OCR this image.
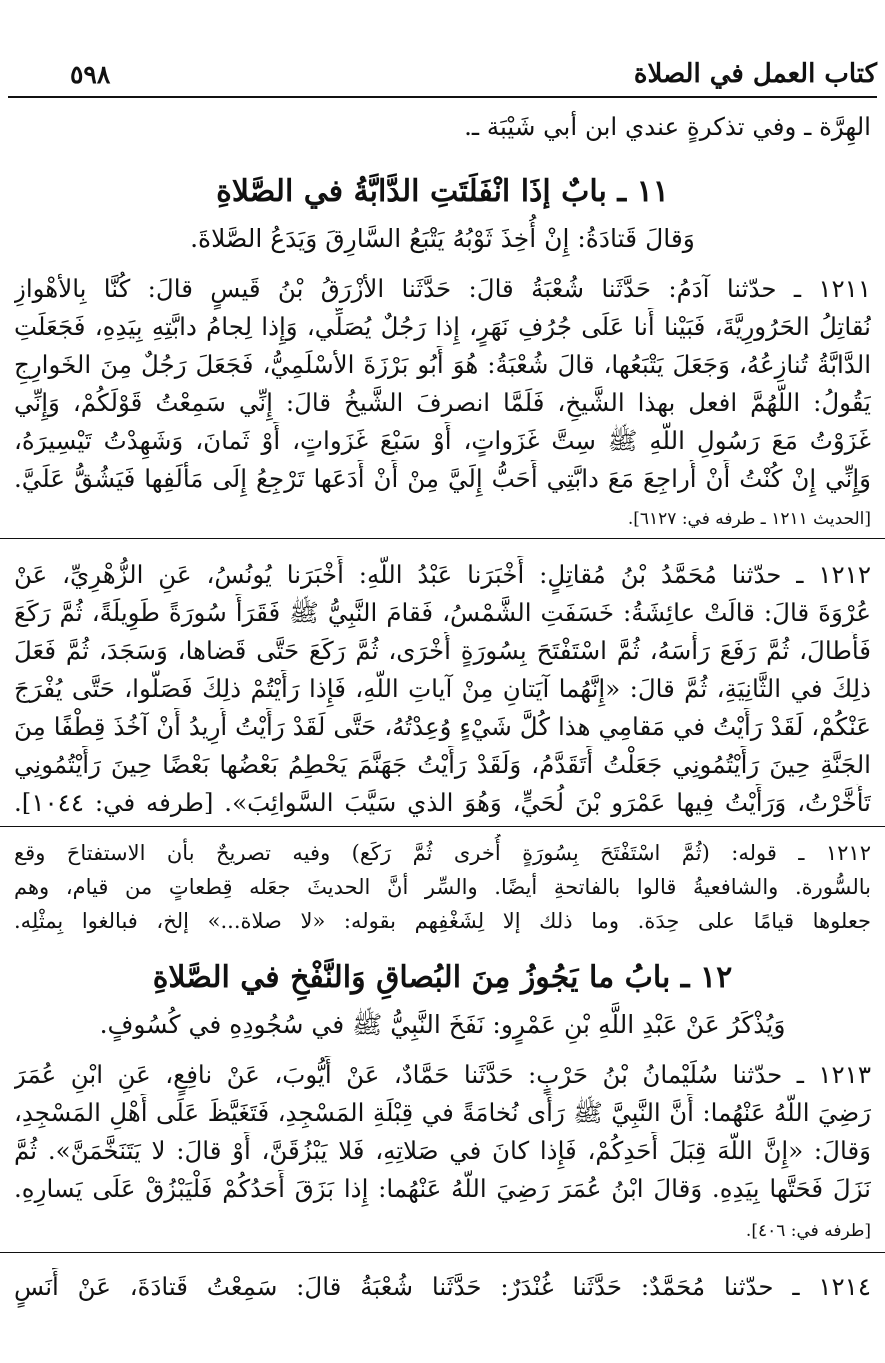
كتاب العمل في الصلاة
٥٩٨
الهِرَّة ـ وفي تذكرةٍ عندي ابن أبي شَيْبَة ـ.
١١ ـ بابٌ إذَا انْفَلَتَتِ الدَّابَّةُ في الصَّلاةِ
وَقالَ قَتادَةُ: إِنْ أُخِذَ ثَوْبُهُ يَتْبَعُ السَّارِقَ وَيَدَعُ الصَّلاةَ.
١٢١١ ـ حدّثنا آدَمُ: حَدَّثَنا شُعْبَةُ قالَ: حَدَّثَنا الأزْرَقُ بْنُ قَيسٍ قالَ: كُنَّا بِالأهْوازِ
نُقاتِلُ الحَرُورِيَّةَ، فَبَيْنا أَنا عَلَى جُرُفِ نَهَرٍ، إِذا رَجُلٌ يُصَلِّي، وَإِذا لِجامُ دابَّتِهِ بِيَدِهِ، فَجَعَلَتِ
الدَّابَّةُ تُنازِعُهُ، وَجَعَلَ يَتْبَعُها، قالَ شُعْبَةُ: هُوَ أَبُو بَرْزَةَ الأسْلَمِيُّ، فَجَعَلَ رَجُلٌ مِنَ الخَوارِجِ
يَقُولُ: اللَّهُمَّ افعل بهذا الشَّيخِ، فَلَمَّا انصرفَ الشَّيخُ قالَ: إِنِّي سَمِعْتُ قَوْلَكُمْ، وَإِنِّي
غَزَوْتُ مَعَ رَسُولِ اللَّهِ ﷺ سِتَّ غَزَواتٍ، أَوْ سَبْعَ غَزَواتٍ، أَوْ ثَمانَ، وَشَهِدْتُ تَيْسِيرَهُ،
وَإِنِّي إِنْ كُنْتُ أَنْ أُراجِعَ مَعَ دابَّتِي أَحَبُّ إِلَيَّ مِنْ أَنْ أَدَعَها تَرْجِعُ إِلَى مَأْلَفِها فَيَشُقُّ عَلَيَّ.
[الحديث ١٢١١ ـ طرفه في: ٦١٢٧].
١٢١٢ ـ حدّثنا مُحَمَّدُ بْنُ مُقاتِلٍ: أَخْبَرَنا عَبْدُ اللَّهِ: أَخْبَرَنا يُونُسُ، عَنِ الزُّهْرِيِّ، عَنْ
عُرْوَةَ قالَ: قالَتْ عائِشَةُ: خَسَفَتِ الشَّمْسُ، فَقامَ النَّبِيُّ ﷺ فَقَرَأَ سُورَةً طَوِيلَةً، ثُمَّ رَكَعَ
فَأَطالَ، ثُمَّ رَفَعَ رَأْسَهُ، ثُمَّ اسْتَفْتَحَ بِسُورَةٍ أُخْرَى، ثُمَّ رَكَعَ حَتَّى قَضاها، وَسَجَدَ، ثُمَّ فَعَلَ
ذلِكَ في الثَّانِيَةِ، ثُمَّ قالَ: «إِنَّهُما آيَتانِ مِنْ آياتِ اللَّهِ، فَإِذا رَأَيْتُمْ ذلِكَ فَصَلُّوا، حَتَّى يُفْرَجَ
عَنْكُمْ، لَقَدْ رَأَيْتُ في مَقامِي هذا كُلَّ شَيْءٍ وُعِدْتُهُ، حَتَّى لَقَدْ رَأَيْتُ أُرِيدُ أَنْ آخُذَ قِطْفًا مِنَ
الجَنَّةِ حِينَ رَأَيْتُمُونِي جَعَلْتُ أَتَقَدَّمُ، وَلَقَدْ رَأَيْتُ جَهَنَّمَ يَحْطِمُ بَعْضُها بَعْضًا حِينَ رَأَيْتُمُونِي
تَأَخَّرْتُ، وَرَأَيْتُ فِيها عَمْرَو بْنَ لُحَيٍّ، وَهُوَ الذي سَيَّبَ السَّوائِبَ». [طرفه في: ١٠٤٤].
١٢١٢ ـ قوله: (ثُمَّ اسْتَفْتَحَ بِسُورَةٍ أُخرى ثُمَّ رَكَع) وفيه تصريحٌ بأن الاستفتاحَ وقع
بالسُّورة. والشافعيةُ قالوا بالفاتحةِ أيضًا. والسِّر أنَّ الحديثَ جعَله قِطعاتٍ من قيام، وهم
جعلوها قيامًا على حِدَة. وما ذلك إلا لِشَغْفِهم بقوله: «لا صلاة...» إلخ، فبالغوا بِمثْلِه.
١٢ ـ بابُ ما يَجُوزُ مِنَ البُصاقِ وَالنَّفْخِ في الصَّلاةِ
وَيُذْكَرُ عَنْ عَبْدِ اللَّهِ بْنِ عَمْرٍو: نَفَخَ النَّبِيُّ ﷺ في سُجُودِهِ في كُسُوفٍ.
١٢١٣ ـ حدّثنا سُلَيْمانُ بْنُ حَرْبٍ: حَدَّثَنا حَمَّادٌ، عَنْ أَيُّوبَ، عَنْ نافِعٍ، عَنِ ابْنِ عُمَرَ
رَضِيَ اللَّهُ عَنْهُما: أَنَّ النَّبِيَّ ﷺ رَأَى نُخامَةً في قِبْلَةِ المَسْجِدِ، فَتَغَيَّظَ عَلَى أَهْلِ المَسْجِدِ،
وَقالَ: «إِنَّ اللَّهَ قِبَلَ أَحَدِكُمْ، فَإِذا كانَ في صَلاتِهِ، فَلا يَبْزُقَنَّ، أَوْ قالَ: لا يَتَنَخَّمَنَّ». ثُمَّ
نَزَلَ فَحَتَّها بِيَدِهِ. وَقالَ ابْنُ عُمَرَ رَضِيَ اللَّهُ عَنْهُما: إِذا بَزَقَ أَحَدُكُمْ فَلْيَبْزُقْ عَلَى يَسارِهِ.
[طرفه في: ٤٠٦].
١٢١٤ ـ حدّثنا مُحَمَّدٌ: حَدَّثَنا غُنْدَرٌ: حَدَّثَنا شُعْبَةُ قالَ: سَمِعْتُ قَتادَةَ، عَنْ أَنَسٍ
